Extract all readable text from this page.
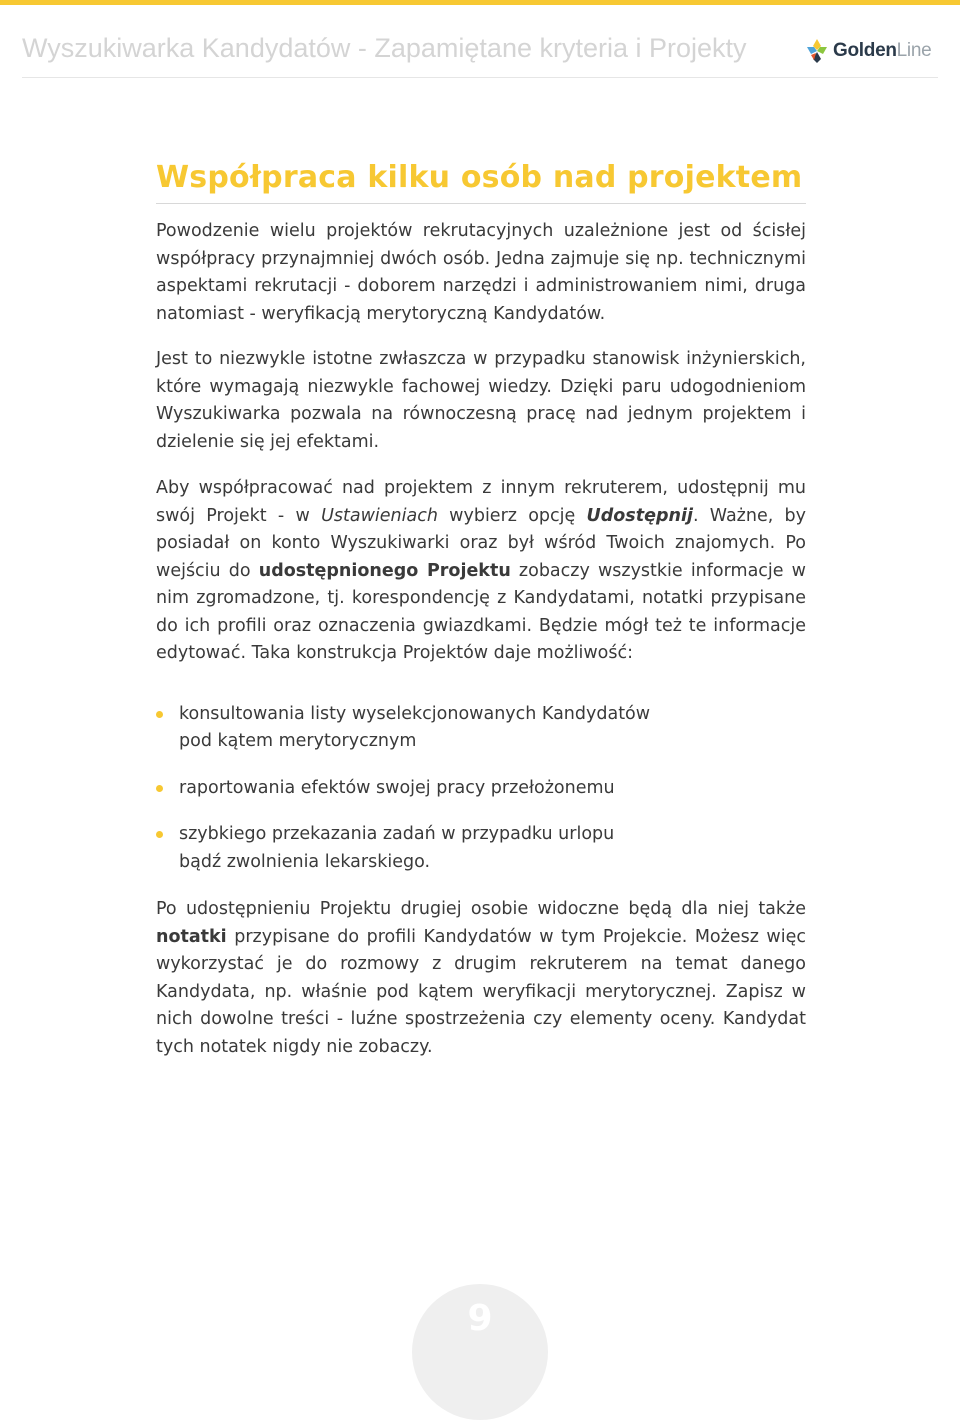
Wyszukiwarka Kandydatów - Zapamiętane kryteria i Projekty	GoldenLine
Współpraca kilku osób nad projektem

Powodzenie wielu projektów rekrutacyjnych uzależnione jest od ścisłej współpracy przynajmniej dwóch osób. Jedna zajmuje się np. technicznymi aspektami rekrutacji - doborem narzędzi i administrowaniem nimi, druga natomiast - weryfikacją merytoryczną Kandydatów.

Jest to niezwykle istotne zwłaszcza w przypadku stanowisk inżynierskich, które wymagają niezwykle fachowej wiedzy. Dzięki paru udogodnieniom Wyszukiwarka pozwala na równoczesną pracę nad jednym projektem i dzielenie się jej efektami.

Aby współpracować nad projektem z innym rekruterem, udostępnij mu swój Projekt - w Ustawieniach wybierz opcję Udostępnij. Ważne, by posiadał on konto Wyszukiwarki oraz był wśród Twoich znajomych. Po wejściu do udostępnionego Projektu zobaczy wszystkie informacje w nim zgromadzone, tj. korespondencję z Kandydatami, notatki przypisane do ich profili oraz oznaczenia gwiazdkami. Będzie mógł też te informacje edytować. Taka konstrukcja Projektów daje możliwość:

konsultowania listy wyselekcjonowanych Kandydatów
pod kątem merytorycznym
raportowania efektów swojej pracy przełożonemu
szybkiego przekazania zadań w przypadku urlopu
bądź zwolnienia lekarskiego.

Po udostępnieniu Projektu drugiej osobie widoczne będą dla niej także notatki przypisane do profili Kandydatów w tym Projekcie. Możesz więc wykorzystać je do rozmowy z drugim rekruterem na temat danego Kandydata, np. właśnie pod kątem weryfikacji merytorycznej. Zapisz w nich dowolne treści - luźne spostrzeżenia czy elementy oceny. Kandydat tych notatek nigdy nie zobaczy.

9
